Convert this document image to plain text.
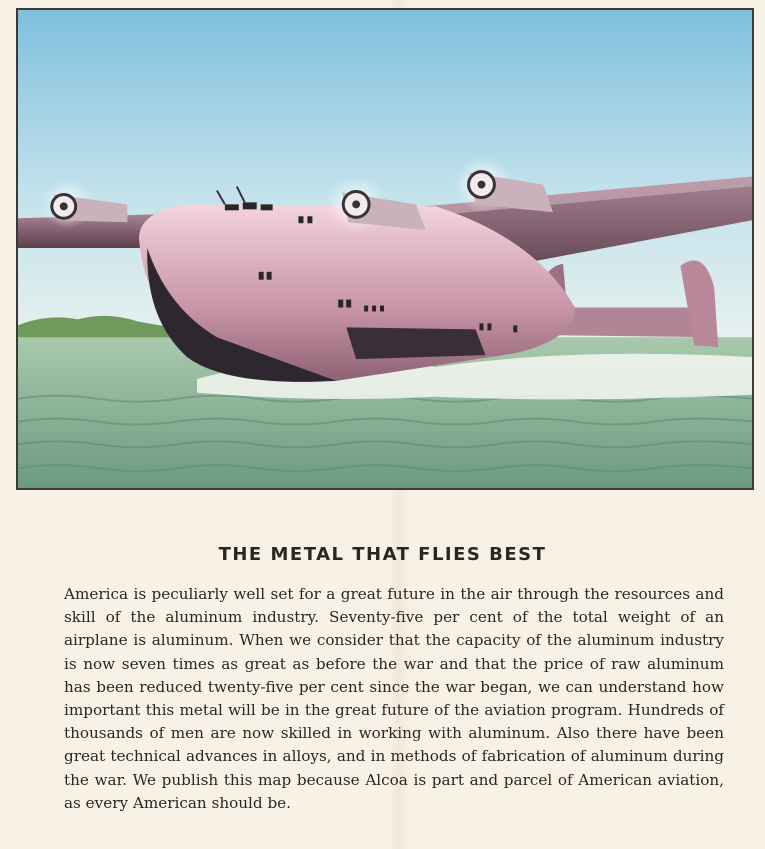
THE METAL THAT FLIES BEST

America is peculiarly well set for a great future in the air through the resources and skill of the aluminum industry. Seventy-five per cent of the total weight of an airplane is aluminum. When we consider that the capacity of the aluminum industry is now seven times as great as before the war and that the price of raw aluminum has been reduced twenty-five per cent since the war began, we can understand how important this metal will be in the great future of the aviation program. Hundreds of thousands of men are now skilled in working with aluminum. Also there have been great technical advances in alloys, and in methods of fabrication of aluminum during the war. We publish this map because Alcoa is part and parcel of American aviation, as every American should be.
